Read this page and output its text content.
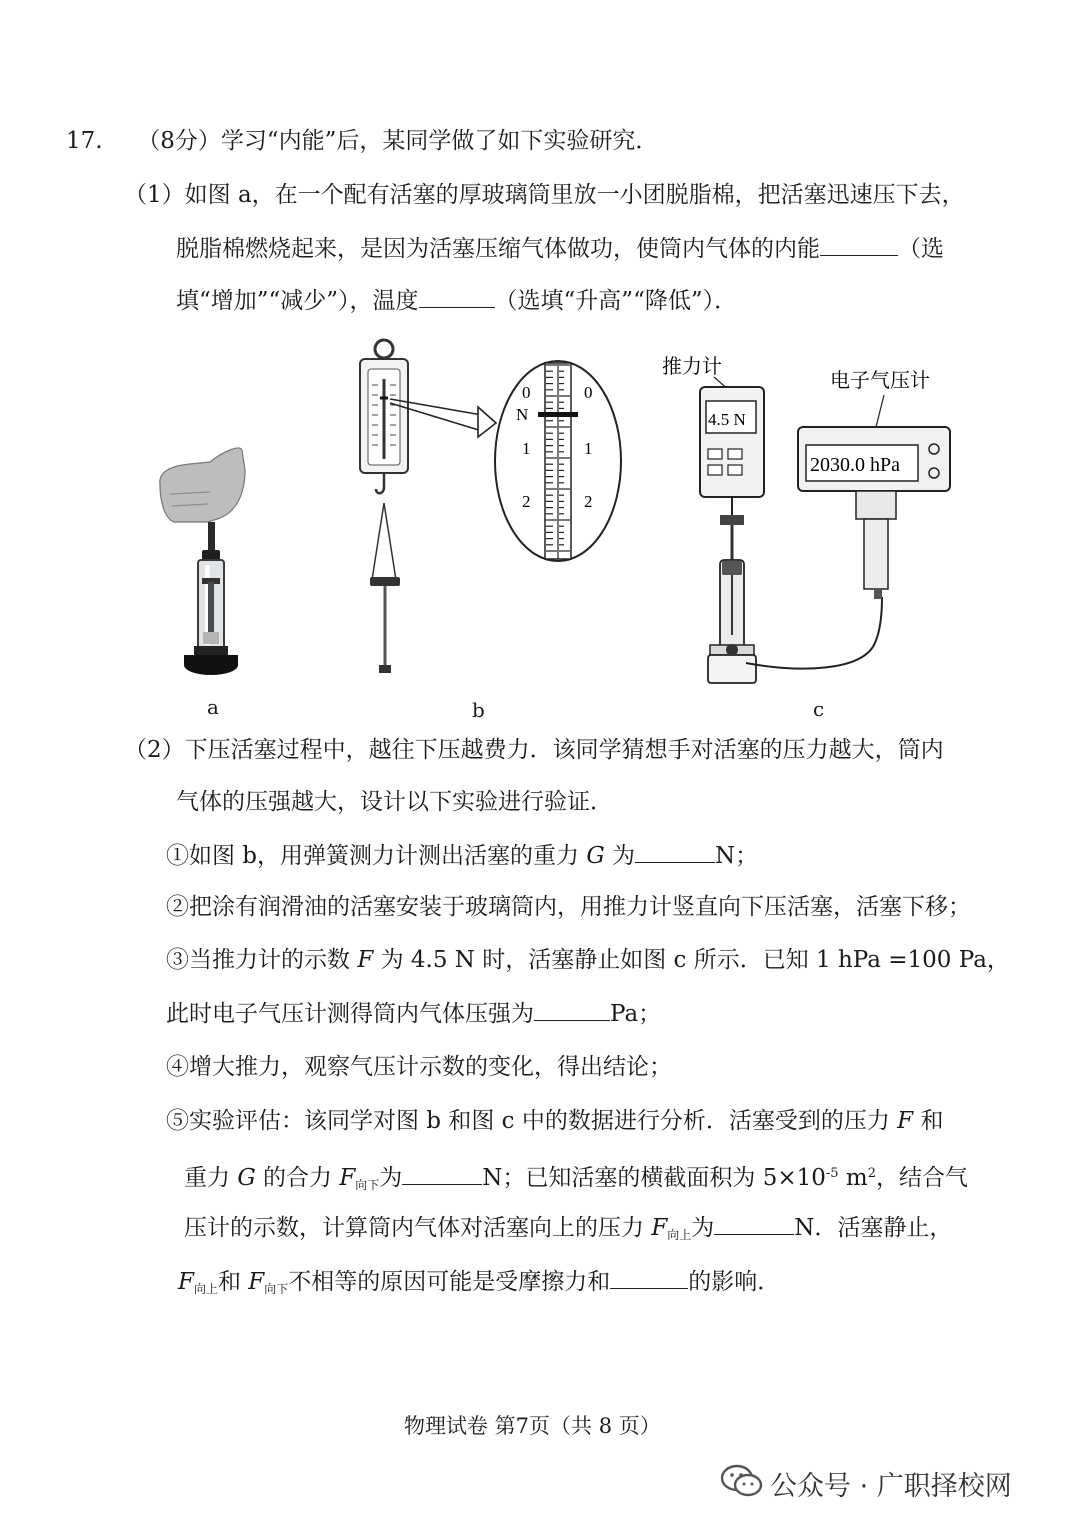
17. （8分）学习“内能”后，某同学做了如下实验研究．
（1）如图 a，在一个配有活塞的厚玻璃筒里放一小团脱脂棉，把活塞迅速压下去，
脱脂棉燃烧起来，是因为活塞压缩气体做功，使筒内气体的内能	（选
填“增加”“减少”），温度	（选填“升高”“降低”）．
N
0
1
2
0
1
2
推力计
电子气压计
4.5 N
2030.0 hPa
a	b	c
（2）下压活塞过程中，越往下压越费力．该同学猜想手对活塞的压力越大，筒内
气体的压强越大，设计以下实验进行验证．
①如图 b，用弹簧测力计测出活塞的重力 G 为	N；
②把涂有润滑油的活塞安装于玻璃筒内，用推力计竖直向下压活塞，活塞下移；
③当推力计的示数 F 为 4.5 N 时，活塞静止如图 c 所示．已知 1 hPa =100 Pa，
此时电子气压计测得筒内气体压强为	Pa；
④增大推力，观察气压计示数的变化，得出结论；
⑤实验评估：该同学对图 b 和图 c 中的数据进行分析．活塞受到的压力 F 和
重力 G 的合力 $F_{向下}$为	N；已知活塞的横截面积为 $5\times 10^{-5}$ $m^2$，结合气
压计的示数，计算筒内气体对活塞向上的压力 $F_{向上}$为	N．活塞静止，
$F_{向上}$和 $F_{向下}$不相等的原因可能是受摩擦力和	的影响．
物理试卷 第7页（共 8 页）
公众号 · 广职择校网
